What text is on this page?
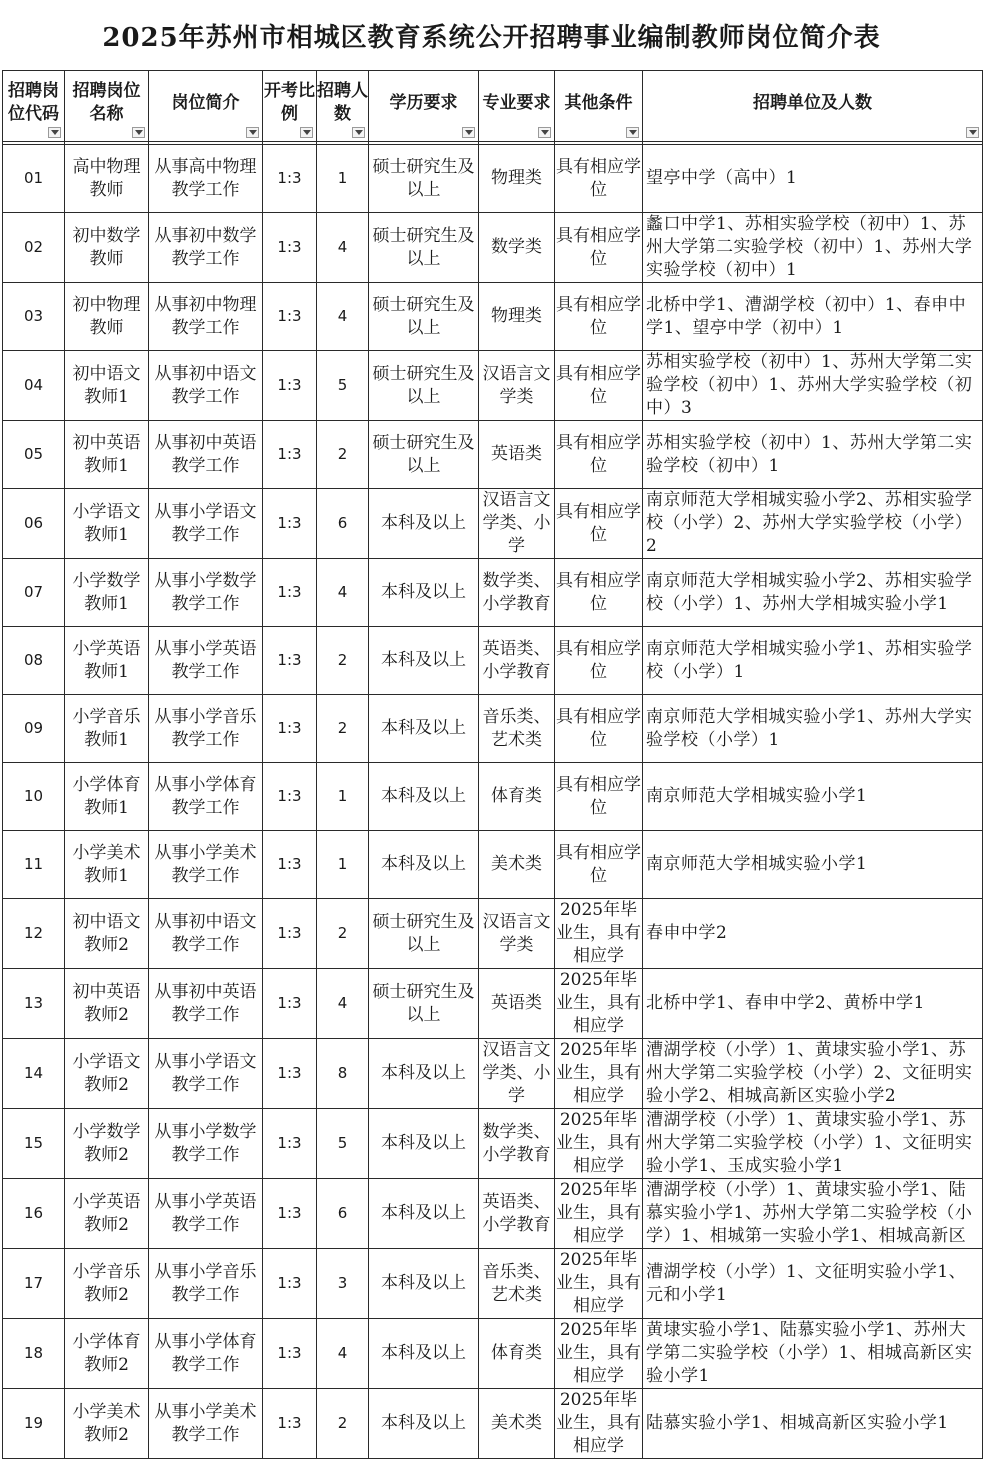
2025年苏州市相城区教育系统公开招聘事业编制教师岗位简介表
招聘岗位代码	招聘岗位名称	岗位简介	开考比例	招聘人数	学历要求	专业要求	其他条件	招聘单位及人数

01	高中物理教师	从事高中物理教学工作	1:3	1	硕士研究生及以上	物理类	具有相应学位	望亭中学（高中）1

02	初中数学教师	从事初中数学教学工作	1:3	4	硕士研究生及以上	数学类	具有相应学位	蠡口中学1、苏相实验学校（初中）1、苏州大学第二实验学校（初中）1、苏州大学实验学校（初中）1

03	初中物理教师	从事初中物理教学工作	1:3	4	硕士研究生及以上	物理类	具有相应学位	北桥中学1、漕湖学校（初中）1、春申中学1、望亭中学（初中）1

04	初中语文教师1	从事初中语文教学工作	1:3	5	硕士研究生及以上	汉语言文学类	具有相应学位	苏相实验学校（初中）1、苏州大学第二实验学校（初中）1、苏州大学实验学校（初中）3

05	初中英语教师1	从事初中英语教学工作	1:3	2	硕士研究生及以上	英语类	具有相应学位	苏相实验学校（初中）1、苏州大学第二实验学校（初中）1

06	小学语文教师1	从事小学语文教学工作	1:3	6	本科及以上	汉语言文学类、小学	具有相应学位	南京师范大学相城实验小学2、苏相实验学校（小学）2、苏州大学实验学校（小学）2

07	小学数学教师1	从事小学数学教学工作	1:3	4	本科及以上	数学类、小学教育	具有相应学位	南京师范大学相城实验小学2、苏相实验学校（小学）1、苏州大学相城实验小学1

08	小学英语教师1	从事小学英语教学工作	1:3	2	本科及以上	英语类、小学教育	具有相应学位	南京师范大学相城实验小学1、苏相实验学校（小学）1

09	小学音乐教师1	从事小学音乐教学工作	1:3	2	本科及以上	音乐类、艺术类	具有相应学位	南京师范大学相城实验小学1、苏州大学实验学校（小学）1

10	小学体育教师1	从事小学体育教学工作	1:3	1	本科及以上	体育类	具有相应学位	南京师范大学相城实验小学1

11	小学美术教师1	从事小学美术教学工作	1:3	1	本科及以上	美术类	具有相应学位	南京师范大学相城实验小学1

12	初中语文教师2	从事初中语文教学工作	1:3	2	硕士研究生及以上	汉语言文学类	2025年毕业生，具有相应学	春申中学2

13	初中英语教师2	从事初中英语教学工作	1:3	4	硕士研究生及以上	英语类	2025年毕业生，具有相应学	北桥中学1、春申中学2、黄桥中学1

14	小学语文教师2	从事小学语文教学工作	1:3	8	本科及以上	汉语言文学类、小学	2025年毕业生，具有相应学	漕湖学校（小学）1、黄埭实验小学1、苏州大学第二实验学校（小学）2、文征明实验小学2、相城高新区实验小学2

15	小学数学教师2	从事小学数学教学工作	1:3	5	本科及以上	数学类、小学教育	2025年毕业生，具有相应学	漕湖学校（小学）1、黄埭实验小学1、苏州大学第二实验学校（小学）1、文征明实验小学1、玉成实验小学1

16	小学英语教师2	从事小学英语教学工作	1:3	6	本科及以上	英语类、小学教育	2025年毕业生，具有相应学	漕湖学校（小学）1、黄埭实验小学1、陆慕实验小学1、苏州大学第二实验学校（小学）1、相城第一实验小学1、相城高新区

17	小学音乐教师2	从事小学音乐教学工作	1:3	3	本科及以上	音乐类、艺术类	2025年毕业生，具有相应学	漕湖学校（小学）1、文征明实验小学1、元和小学1

18	小学体育教师2	从事小学体育教学工作	1:3	4	本科及以上	体育类	2025年毕业生，具有相应学	黄埭实验小学1、陆慕实验小学1、苏州大学第二实验学校（小学）1、相城高新区实验小学1

19	小学美术教师2	从事小学美术教学工作	1:3	2	本科及以上	美术类	2025年毕业生，具有相应学	陆慕实验小学1、相城高新区实验小学1
